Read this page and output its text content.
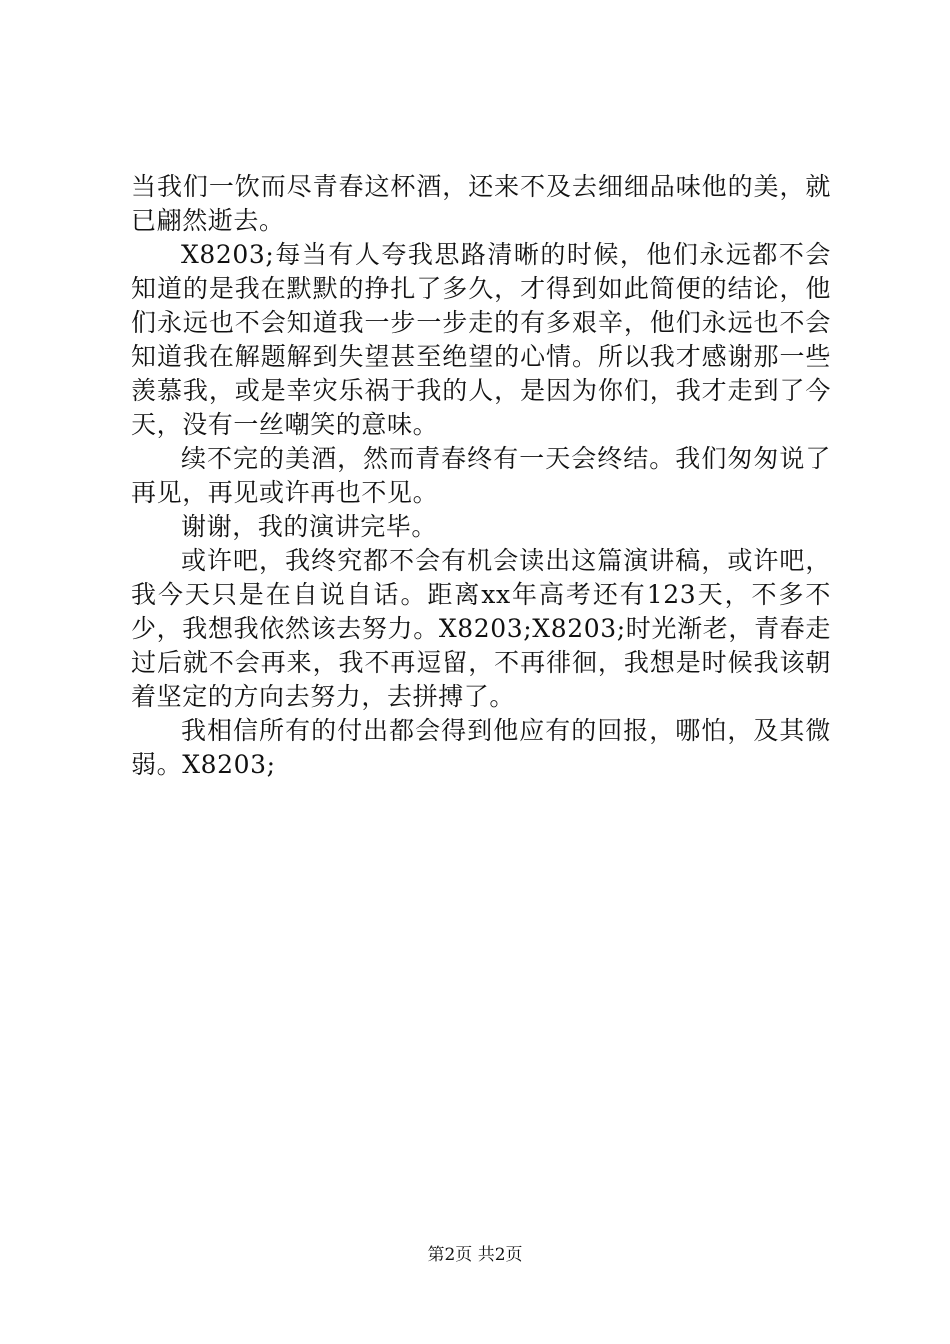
当我们一饮而尽青春这杯酒，还来不及去细细品味他的美，就已翩然逝去。

X8203;每当有人夸我思路清晰的时候，他们永远都不会知道的是我在默默的挣扎了多久，才得到如此简便的结论，他们永远也不会知道我一步一步走的有多艰辛，他们永远也不会知道我在解题解到失望甚至绝望的心情。所以我才感谢那一些羡慕我，或是幸灾乐祸于我的人，是因为你们，我才走到了今天，没有一丝嘲笑的意味。

续不完的美酒，然而青春终有一天会终结。我们匆匆说了再见，再见或许再也不见。

谢谢，我的演讲完毕。

或许吧，我终究都不会有机会读出这篇演讲稿，或许吧，我今天只是在自说自话。距离xx年高考还有123天，不多不少，我想我依然该去努力。X8203;X8203;时光渐老，青春走过后就不会再来，我不再逗留，不再徘徊，我想是时候我该朝着坚定的方向去努力，去拼搏了。

我相信所有的付出都会得到他应有的回报，哪怕，及其微弱。X8203;

第2页 共2页
